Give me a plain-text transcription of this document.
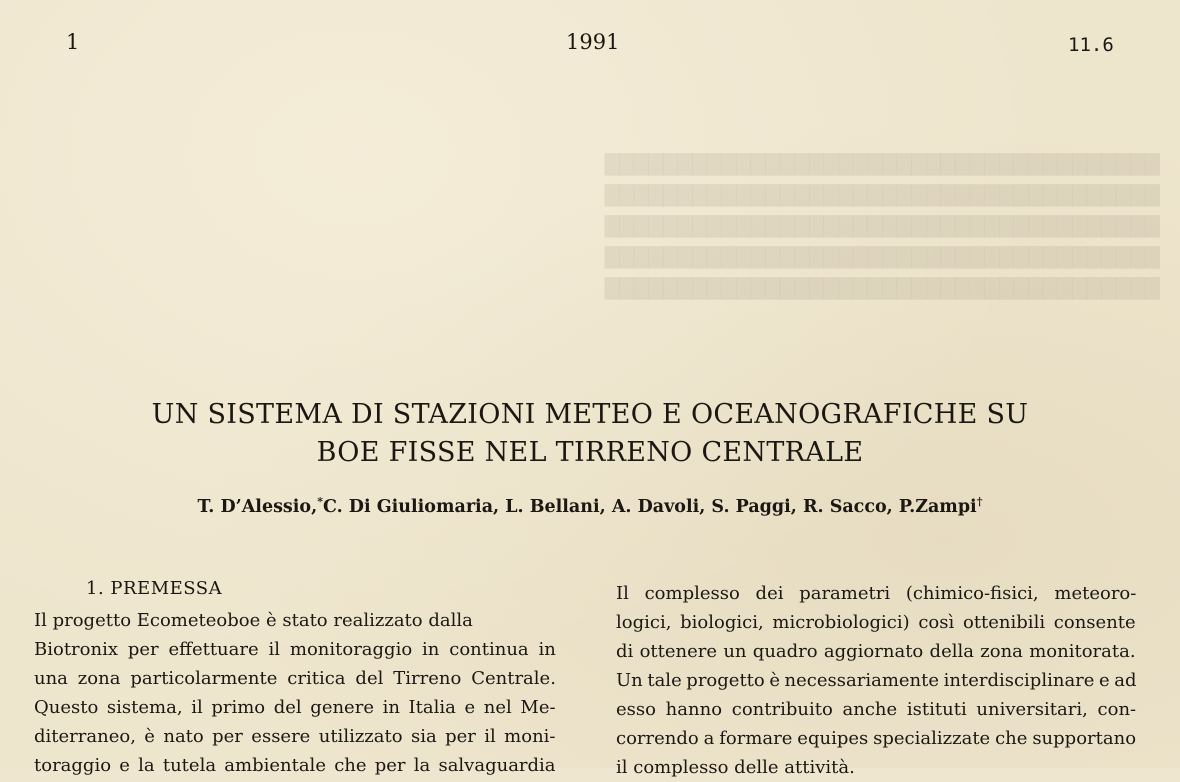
██████████████████████████████████████
██████████████████████████████████████
██████████████████████████████████████
██████████████████████████████████████
██████████████████████████████████████
1	1991	11.6
UN SISTEMA DI STAZIONI METEO E OCEANOGRAFICHE SU
BOE FISSE NEL TIRRENO CENTRALE
T. D’Alessio,*C. Di Giuliomaria, L. Bellani, A. Davoli, S. Paggi, R. Sacco, P.Zampi†
1. PREMESSA
Il progetto Ecometeoboe è stato realizzato dalla
Biotronix per effettuare il monitoraggio in continua in
una zona particolarmente critica del Tirreno Centrale.
Questo sistema, il primo del genere in Italia e nel Me-
diterraneo, è nato per essere utilizzato sia per il moni-
toraggio e la tutela ambientale che per la salvaguardia
Il complesso dei parametri (chimico-fisici, meteoro-
logici, biologici, microbiologici) così ottenibili consente
di ottenere un quadro aggiornato della zona monitorata.
Un tale progetto è necessariamente interdisciplinare e ad
esso hanno contribuito anche istituti universitari, con-
correndo a formare equipes specializzate che supportano
il complesso delle attività.
